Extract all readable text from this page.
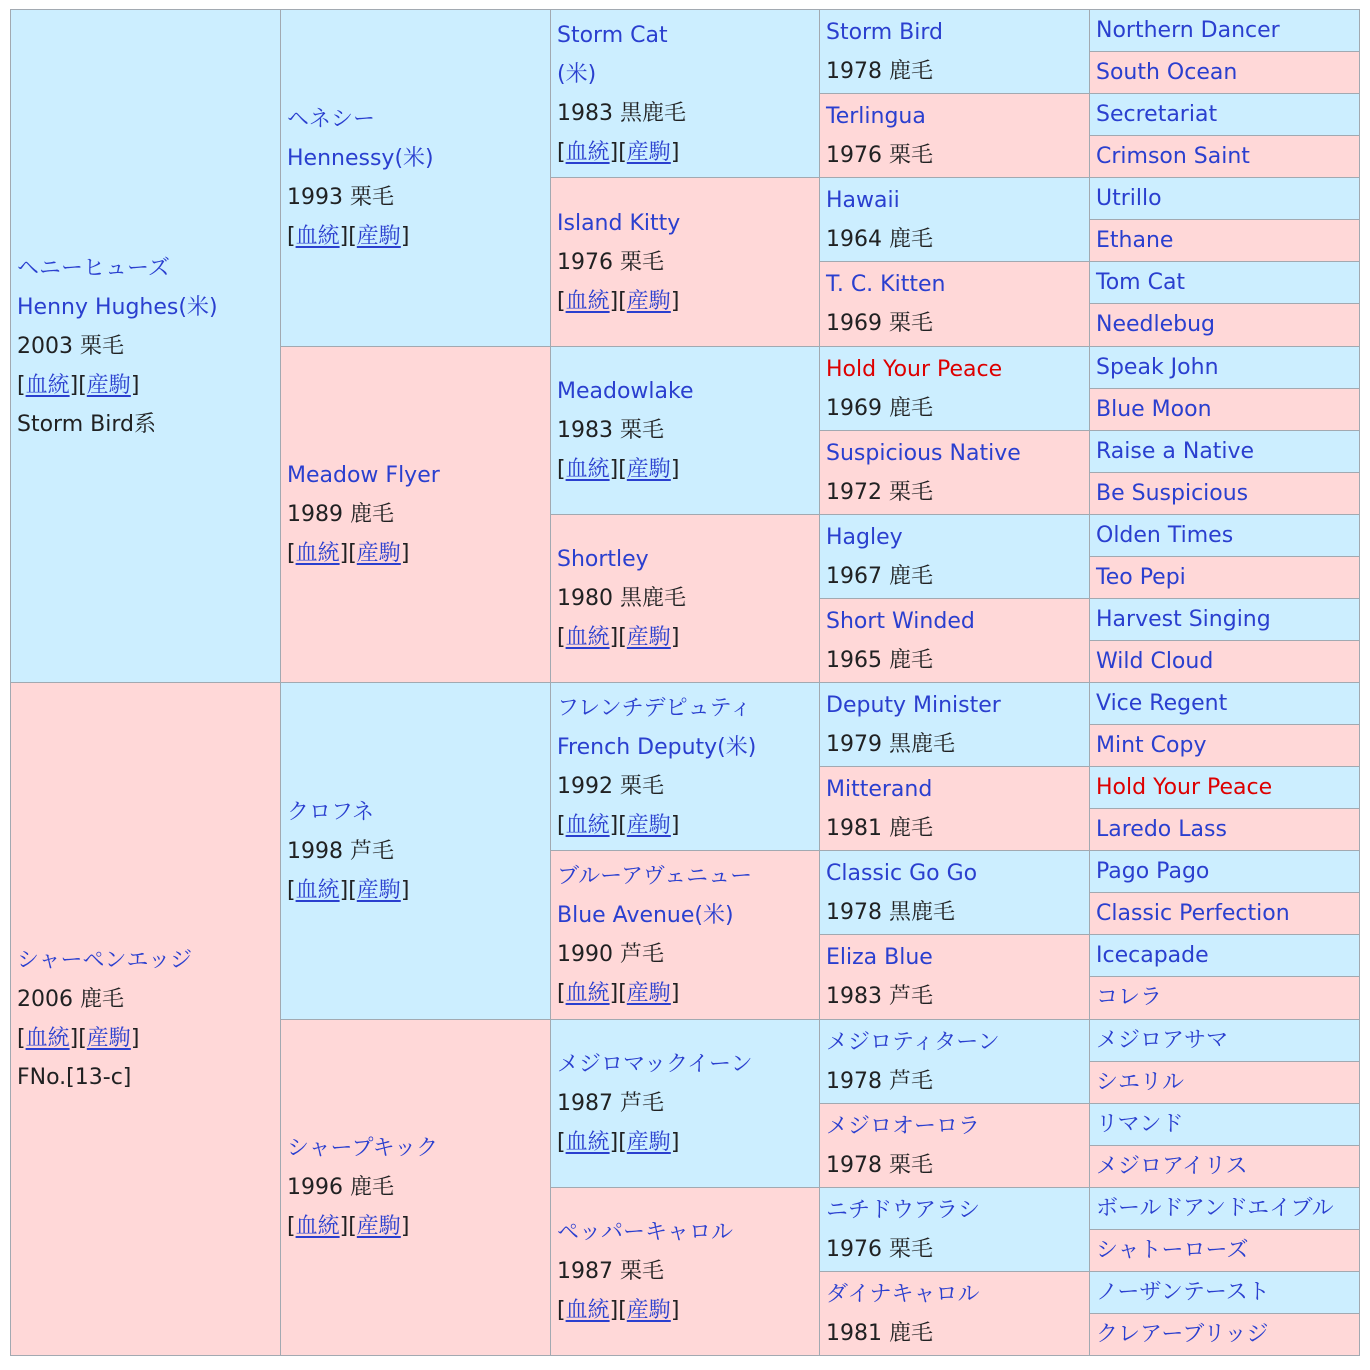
ヘニーヒューズ
Henny Hughes(米)
2003 栗毛
[血統][産駒]
Storm Bird系
シャーペンエッジ
2006 鹿毛
[血統][産駒]
FNo.[13-c]
ヘネシー
Hennessy(米)
1993 栗毛
[血統][産駒]
Meadow Flyer
1989 鹿毛
[血統][産駒]
クロフネ
1998 芦毛
[血統][産駒]
シャープキック
1996 鹿毛
[血統][産駒]
Storm Cat
(米)
1983 黒鹿毛
[血統][産駒]
Island Kitty
1976 栗毛
[血統][産駒]
Meadowlake
1983 栗毛
[血統][産駒]
Shortley
1980 黒鹿毛
[血統][産駒]
フレンチデピュティ
French Deputy(米)
1992 栗毛
[血統][産駒]
ブルーアヴェニュー
Blue Avenue(米)
1990 芦毛
[血統][産駒]
メジロマックイーン
1987 芦毛
[血統][産駒]
ペッパーキャロル
1987 栗毛
[血統][産駒]
Storm Bird
1978 鹿毛
Terlingua
1976 栗毛
Hawaii
1964 鹿毛
T. C. Kitten
1969 栗毛
Hold Your Peace
1969 鹿毛
Suspicious Native
1972 栗毛
Hagley
1967 鹿毛
Short Winded
1965 鹿毛
Deputy Minister
1979 黒鹿毛
Mitterand
1981 鹿毛
Classic Go Go
1978 黒鹿毛
Eliza Blue
1983 芦毛
メジロティターン
1978 芦毛
メジロオーロラ
1978 栗毛
ニチドウアラシ
1976 栗毛
ダイナキャロル
1981 鹿毛
Northern Dancer
South Ocean
Secretariat
Crimson Saint
Utrillo
Ethane
Tom Cat
Needlebug
Speak John
Blue Moon
Raise a Native
Be Suspicious
Olden Times
Teo Pepi
Harvest Singing
Wild Cloud
Vice Regent
Mint Copy
Hold Your Peace
Laredo Lass
Pago Pago
Classic Perfection
Icecapade
コレラ
メジロアサマ
シエリル
リマンド
メジロアイリス
ボールドアンドエイブル
シャトーローズ
ノーザンテースト
クレアーブリッジ
